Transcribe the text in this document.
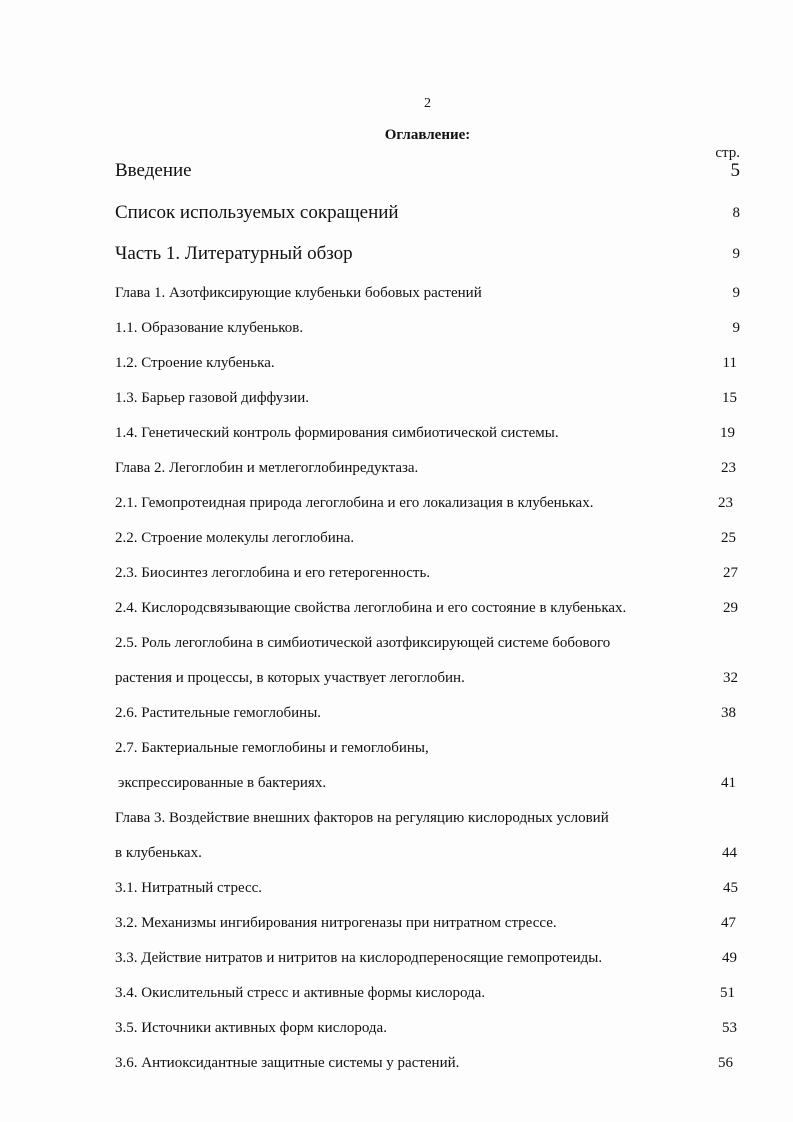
2
Оглавление:
стр.
Введение	5
Список используемых сокращений	8
Часть 1. Литературный обзор	9
Глава 1. Азотфиксирующие клубеньки бобовых растений	9
1.1. Образование клубеньков.	9
1.2. Строение клубенька.	11
1.3. Барьер газовой диффузии.	15
1.4. Генетический контроль формирования симбиотической системы.	19
Глава 2. Легоглобин и метлегоглобинредуктаза.	23
2.1. Гемопротеидная природа легоглобина и его локализация в клубеньках.	23
2.2. Строение молекулы легоглобина.	25
2.3. Биосинтез легоглобина и его гетерогенность.	27
2.4. Кислородсвязывающие свойства легоглобина и его состояние в клубеньках.	29
2.5. Роль легоглобина в симбиотической азотфиксирующей системе бобового
растения и процессы, в которых участвует легоглобин.	32
2.6. Растительные гемоглобины.	38
2.7. Бактериальные гемоглобины и гемоглобины,
экспрессированные в бактериях.	41
Глава 3. Воздействие внешних факторов на регуляцию кислородных условий
в клубеньках.	44
3.1. Нитратный стресс.	45
3.2. Механизмы ингибирования нитрогеназы при нитратном стрессе.	47
3.3. Действие нитратов и нитритов на кислородпереносящие гемопротеиды.	49
3.4. Окислительный стресс и активные формы кислорода.	51
3.5. Источники активных форм кислорода.	53
3.6. Антиоксидантные защитные системы у растений.	56
